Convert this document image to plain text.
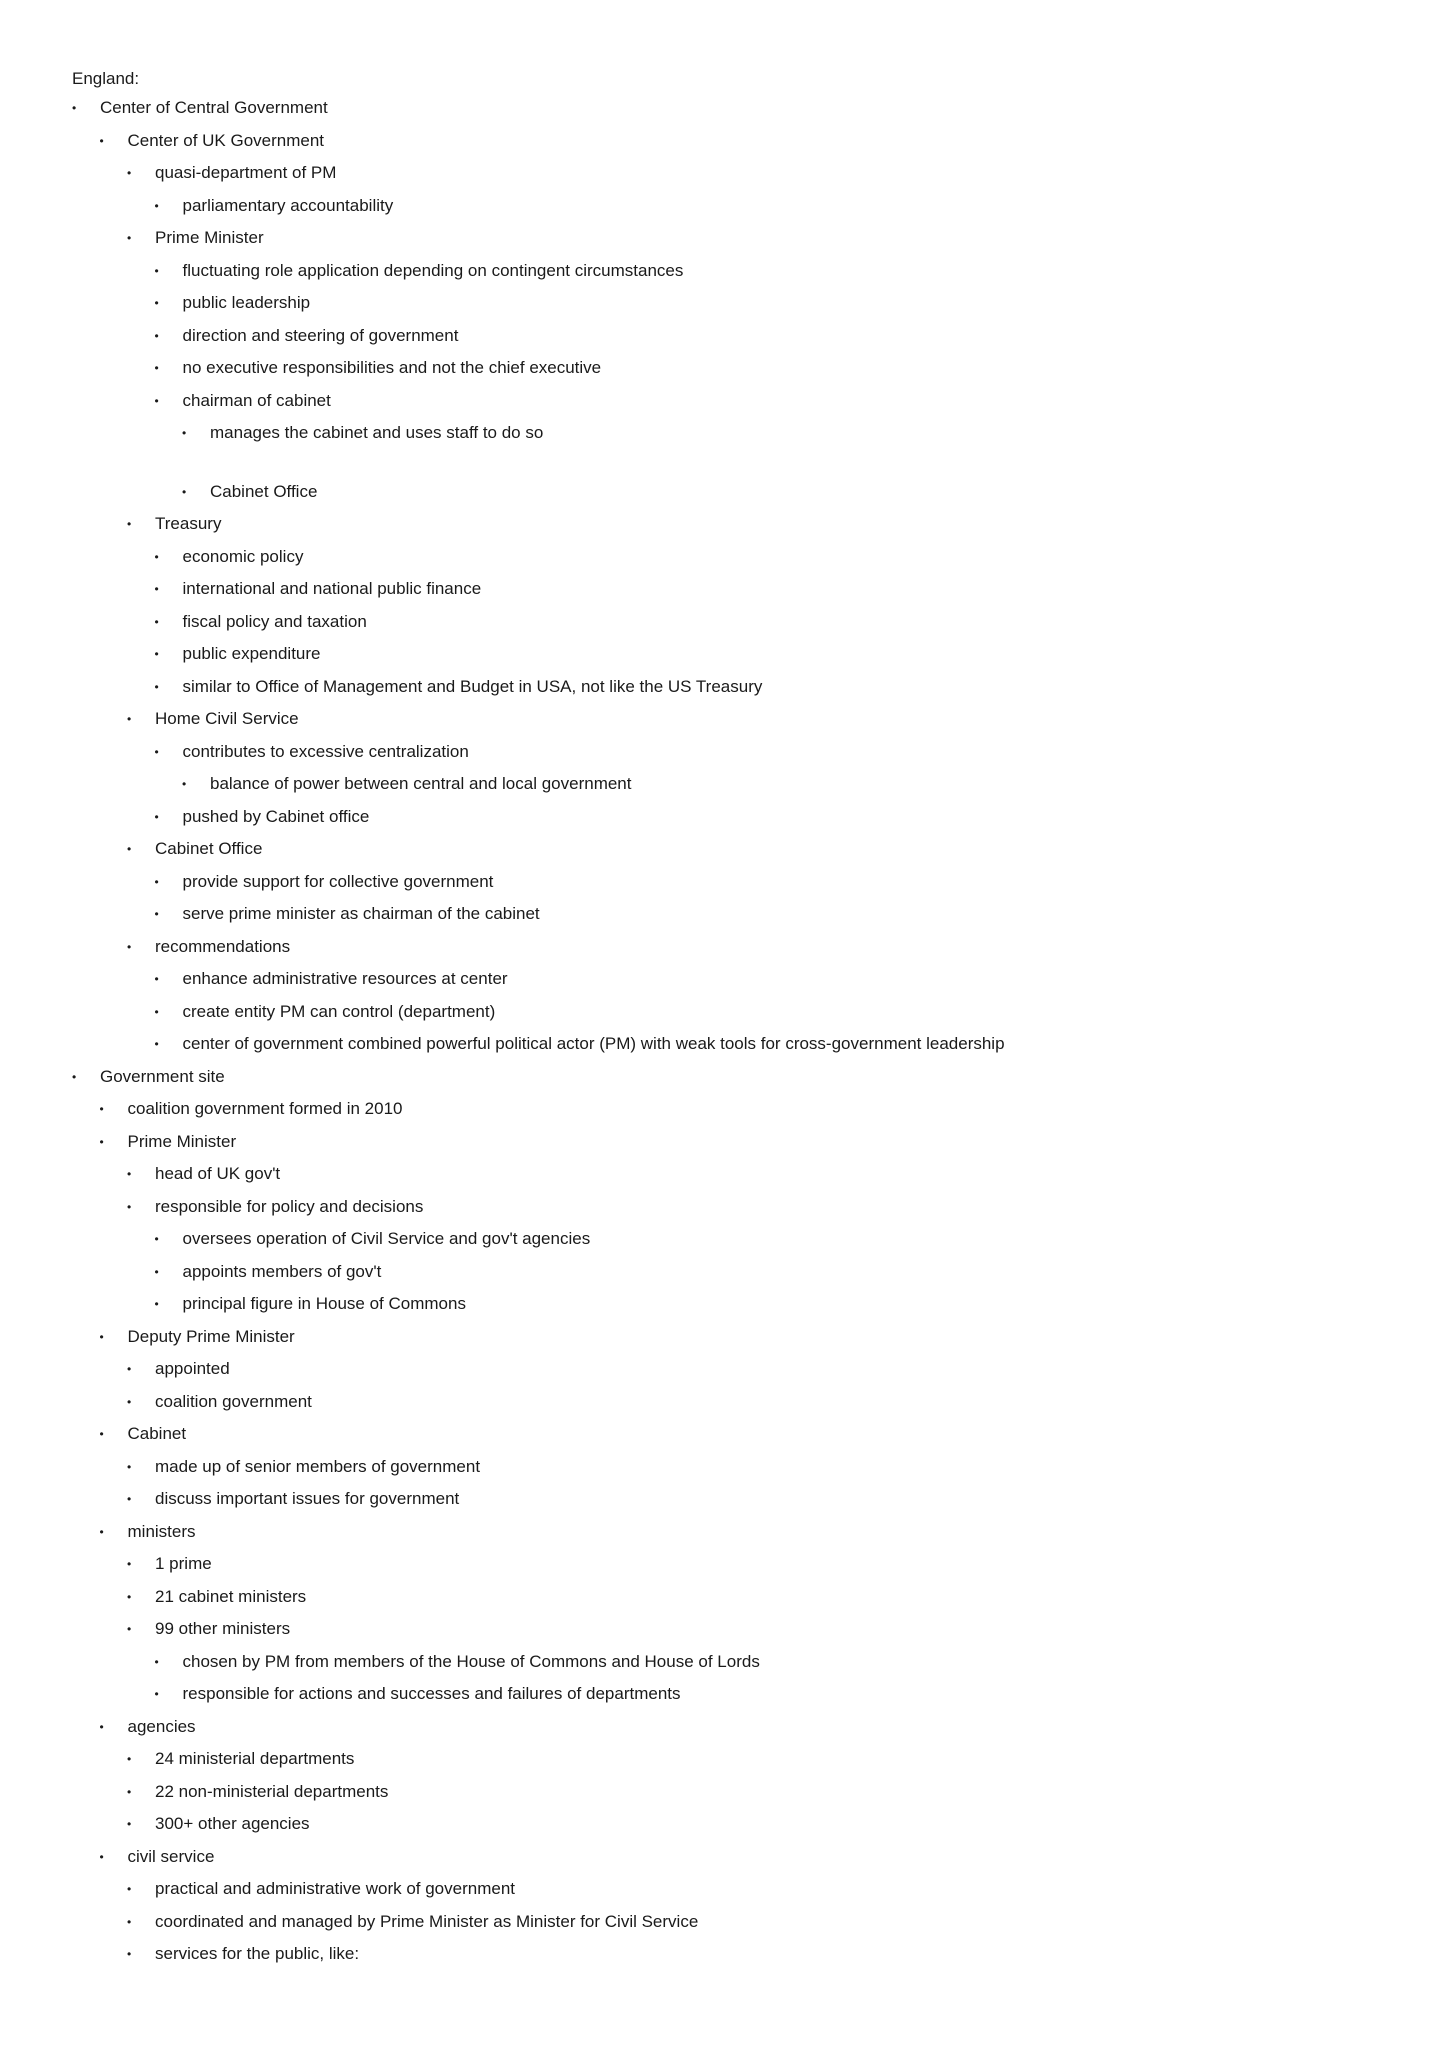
England:
• Center of Central Government
• Center of UK Government
• quasi-department of PM
• parliamentary accountability
• Prime Minister
• fluctuating role application depending on contingent circumstances
• public leadership
• direction and steering of government
• no executive responsibilities and not the chief executive
• chairman of cabinet
• manages the cabinet and uses staff to do so
• Cabinet Office
• Treasury
• economic policy
• international and national public finance
• fiscal policy and taxation
• public expenditure
• similar to Office of Management and Budget in USA, not like the US Treasury
• Home Civil Service
• contributes to excessive centralization
• balance of power between central and local government
• pushed by Cabinet office
• Cabinet Office
• provide support for collective government
• serve prime minister as chairman of the cabinet
• recommendations
• enhance administrative resources at center
• create entity PM can control (department)
• center of government combined powerful political actor (PM) with weak tools for cross-government leadership
• Government site
• coalition government formed in 2010
• Prime Minister
• head of UK gov't
• responsible for policy and decisions
• oversees operation of Civil Service and gov't agencies
• appoints members of gov't
• principal figure in House of Commons
• Deputy Prime Minister
• appointed
• coalition government
• Cabinet
• made up of senior members of government
• discuss important issues for government
• ministers
• 1 prime
• 21 cabinet ministers
• 99 other ministers
• chosen by PM from members of the House of Commons and House of Lords
• responsible for actions and successes and failures of departments
• agencies
• 24 ministerial departments
• 22 non-ministerial departments
• 300+ other agencies
• civil service
• practical and administrative work of government
• coordinated and managed by Prime Minister as Minister for Civil Service
• services for the public, like:
